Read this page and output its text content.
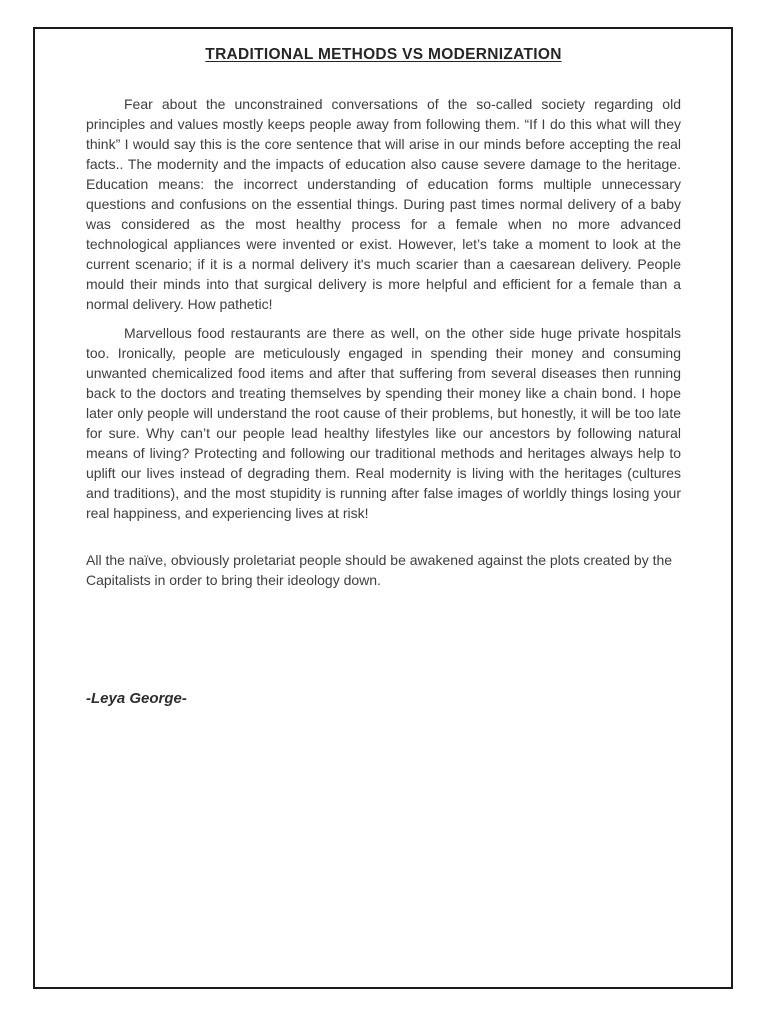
TRADITIONAL METHODS VS MODERNIZATION

Fear about the unconstrained conversations of the so-called society regarding old principles and values mostly keeps people away from following them. “If I do this what will they think” I would say this is the core sentence that will arise in our minds before accepting the real facts.. The modernity and the impacts of education also cause severe damage to the heritage. Education means: the incorrect understanding of education forms multiple unnecessary questions and confusions on the essential things. During past times normal delivery of a baby was considered as the most healthy process for a female when no more advanced technological appliances were invented or exist. However, let’s take a moment to look at the current scenario; if it is a normal delivery it's much scarier than a caesarean delivery. People mould their minds into that surgical delivery is more helpful and efficient for a female than a normal delivery. How pathetic!

Marvellous food restaurants are there as well, on the other side huge private hospitals too. Ironically, people are meticulously engaged in spending their money and consuming unwanted chemicalized food items and after that suffering from several diseases then running back to the doctors and treating themselves by spending their money like a chain bond. I hope later only people will understand the root cause of their problems, but honestly, it will be too late for sure. Why can’t our people lead healthy lifestyles like our ancestors by following natural means of living? Protecting and following our traditional methods and heritages always help to uplift our lives instead of degrading them. Real modernity is living with the heritages (cultures and traditions), and the most stupidity is running after false images of worldly things losing your real happiness, and experiencing lives at risk!

All the naïve, obviously proletariat people should be awakened against the plots created by the Capitalists in order to bring their ideology down.

-Leya George-
